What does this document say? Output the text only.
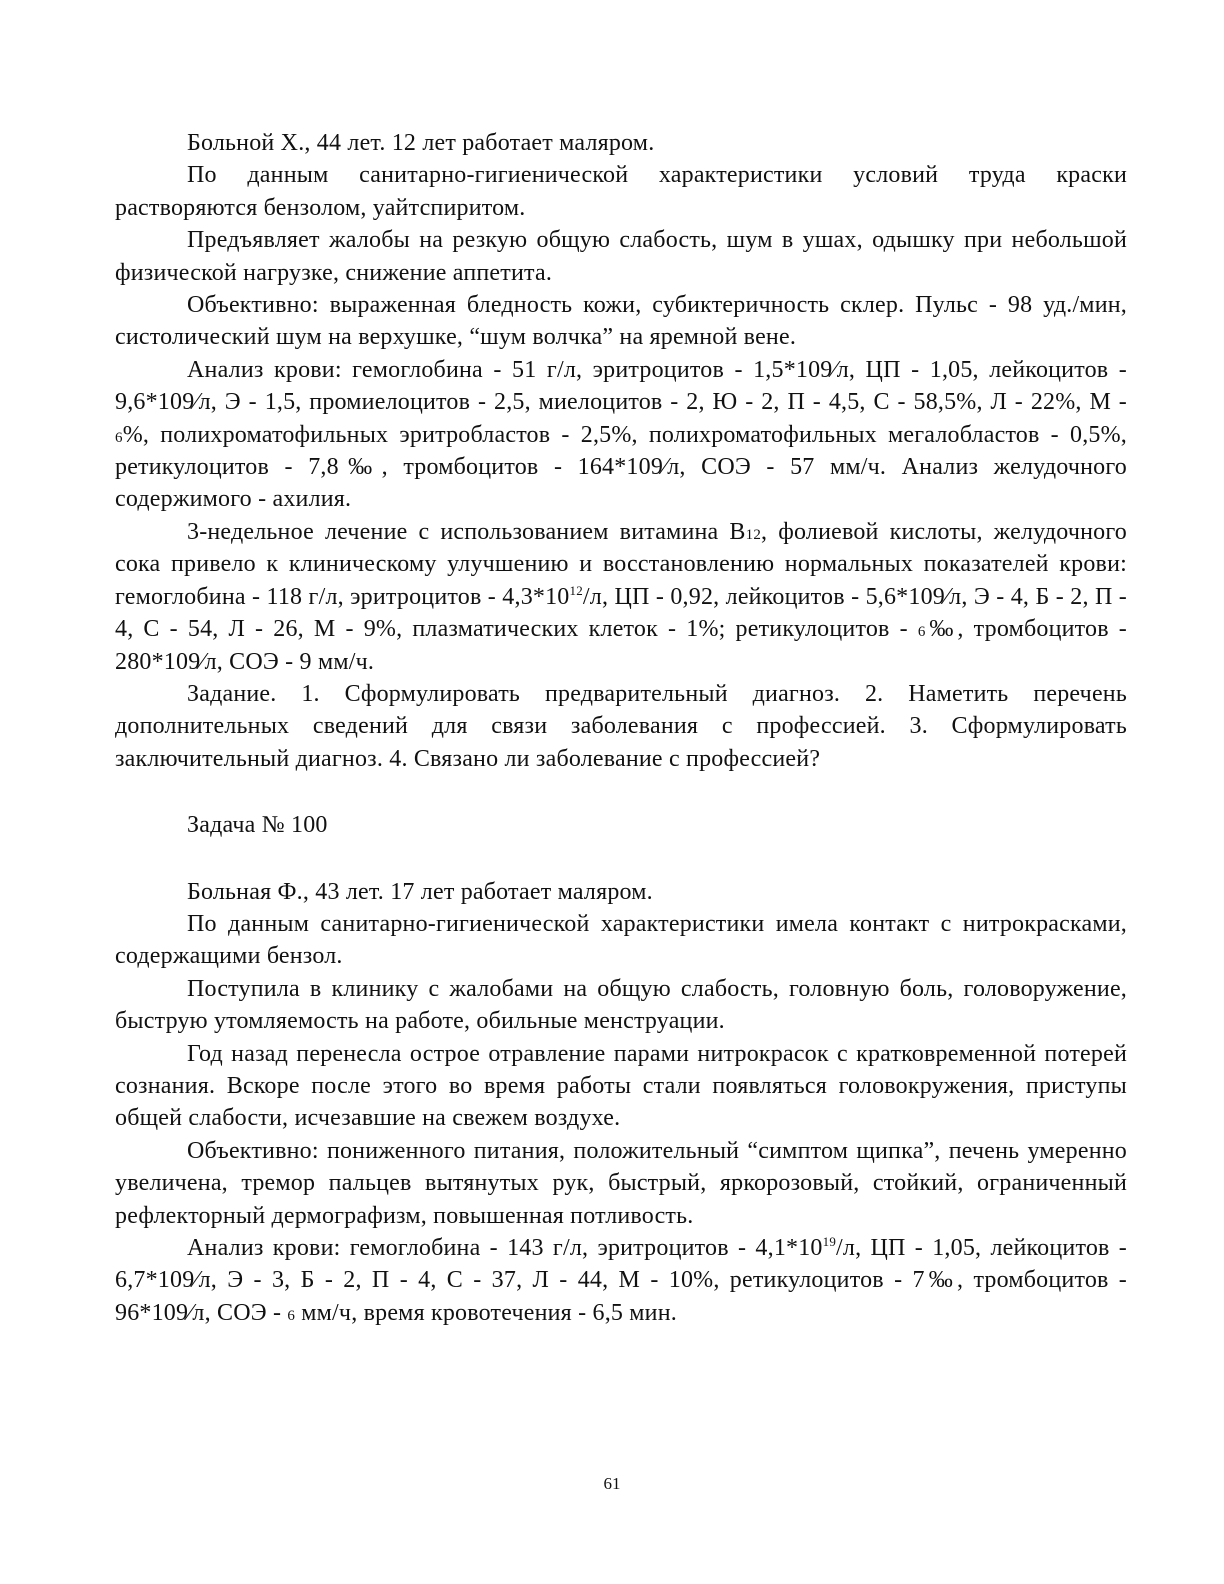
Больной Х., 44 лет. 12 лет работает маляром.

По данным санитарно-гигиенической характеристики условий труда краски растворяются бензолом, уайтспиритом.

Предъявляет жалобы на резкую общую слабость, шум в ушах, одышку при небольшой физической нагрузке, снижение аппетита.

Объективно: выраженная бледность кожи, субиктеричность склер. Пульс - 98 уд./мин, систолический шум на верхушке, “шум волчка” на яремной вене.

Анализ крови: гемоглобина - 51 г/л, эритроцитов - 1,5*109⁄л, ЦП - 1,05, лейкоцитов - 9,6*109⁄л, Э - 1,5, промиелоцитов - 2,5, миелоцитов - 2, Ю - 2, П - 4,5, С - 58,5%, Л - 22%, М - 6%, полихроматофильных эритробластов - 2,5%, полихроматофильных мегалобластов - 0,5%, ретикулоцитов - 7,8‰, тромбоцитов - 164*109⁄л, СОЭ - 57 мм/ч. Анализ желудочного содержимого - ахилия.

3-недельное лечение с использованием витамина В12, фолиевой кислоты, желудочного сока привело к клиническому улучшению и восстановлению нормальных показателей крови: гемоглобина - 118 г/л, эритроцитов - $4,3*10^{12}/л$, ЦП - 0,92, лейкоцитов - 5,6*109⁄л, Э - 4, Б - 2, П - 4, С - 54, Л - 26, М - 9%, плазматических клеток - 1%; ретикулоцитов - 6‰, тромбоцитов - 280*109⁄л, СОЭ - 9 мм/ч.

Задание. 1. Сформулировать предварительный диагноз. 2. Наметить перечень дополнительных сведений для связи заболевания с профессией. 3. Сформулировать заключительный диагноз. 4. Связано ли заболевание с профессией?

Задача № 100
Больная Ф., 43 лет. 17 лет работает маляром.

По данным санитарно-гигиенической характеристики имела контакт с нитрокрасками, содержащими бензол.

Поступила в клинику с жалобами на общую слабость, головную боль, головоружение, быструю утомляемость на работе, обильные менструации.

Год назад перенесла острое отравление парами нитрокрасок с кратковременной потерей сознания. Вскоре после этого во время работы стали появляться головокружения, приступы общей слабости, исчезавшие на свежем воздухе.

Объективно: пониженного питания, положительный “симптом щипка”, печень умеренно увеличена, тремор пальцев вытянутых рук, быстрый, яркорозовый, стойкий, ограниченный рефлекторный дермографизм, повышенная потливость.

Анализ крови: гемоглобина - 143 г/л, эритроцитов - $4,1*10^{19}/л$, ЦП - 1,05, лейкоцитов - 6,7*109⁄л, Э - 3, Б - 2, П - 4, С - 37, Л - 44, М - 10%, ретикулоцитов - 7‰, тромбоцитов - 96*109⁄л, СОЭ - 6 мм/ч, время кровотечения - 6,5 мин.

61
